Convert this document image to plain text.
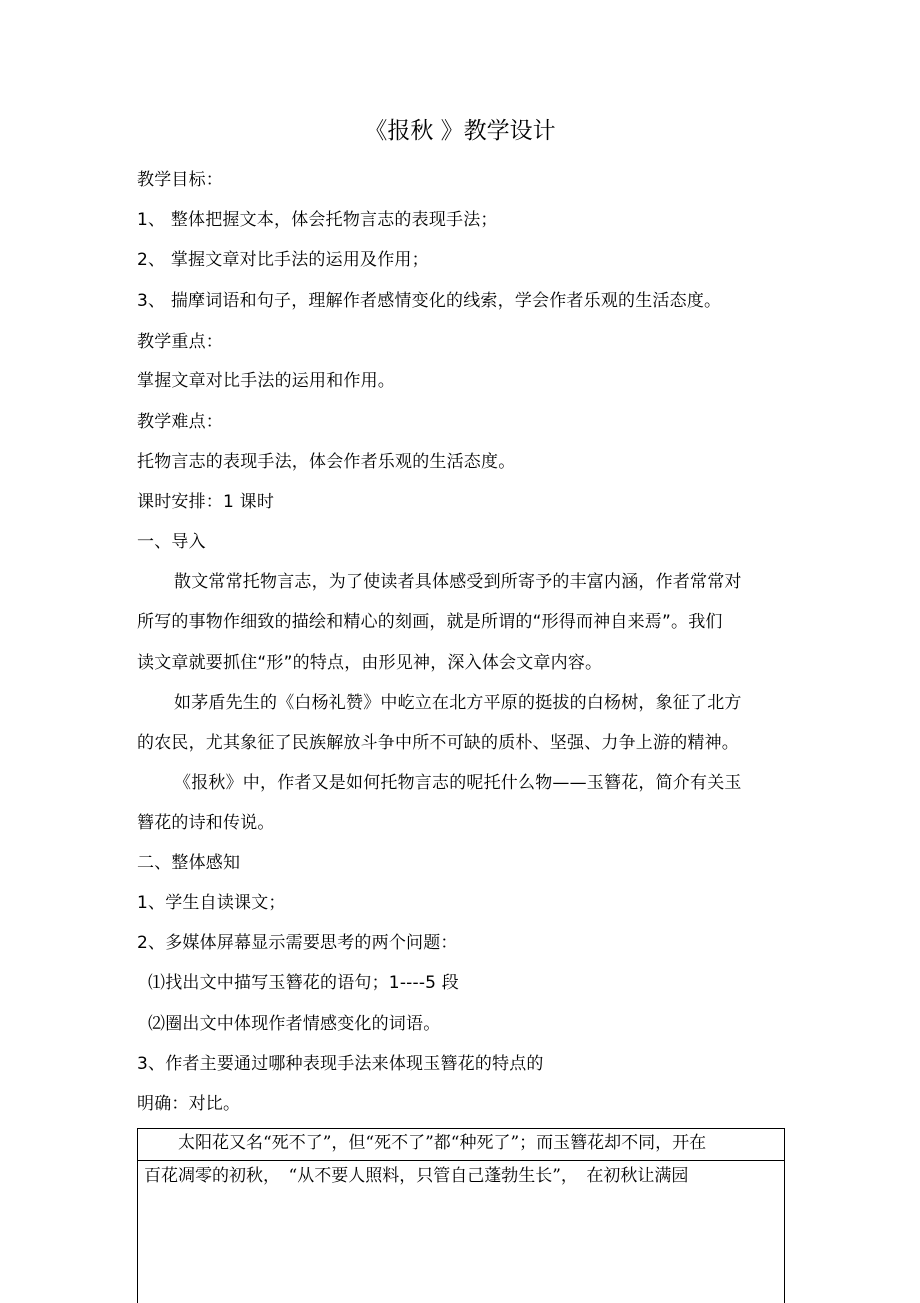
《报秋 》教学设计
教学目标：
1、 整体把握文本，体会托物言志的表现手法；
2、 掌握文章对比手法的运用及作用；
3、 揣摩词语和句子，理解作者感情变化的线索，学会作者乐观的生活态度。
教学重点：
掌握文章对比手法的运用和作用。
教学难点：
托物言志的表现手法，体会作者乐观的生活态度。
课时安排：1 课时
一、导入
散文常常托物言志，为了使读者具体感受到所寄予的丰富内涵，作者常常对
所写的事物作细致的描绘和精心的刻画，就是所谓的“形得而神自来焉”。我们
读文章就要抓住“形”的特点，由形见神，深入体会文章内容。
如茅盾先生的《白杨礼赞》中屹立在北方平原的挺拔的白杨树，象征了北方
的农民，尤其象征了民族解放斗争中所不可缺的质朴、坚强、力争上游的精神。
《报秋》中，作者又是如何托物言志的呢托什么物——玉簪花，简介有关玉
簪花的诗和传说。
二、整体感知
1、学生自读课文；
2、多媒体屏幕显示需要思考的两个问题：
⑴找出文中描写玉簪花的语句；1----5 段
⑵圈出文中体现作者情感变化的词语。
3、作者主要通过哪种表现手法来体现玉簪花的特点的
明确：对比。
　　太阳花又名“死不了”，但“死不了”都“种死了”；而玉簪花却不同，开在
百花凋零的初秋，　“从不要人照料，只管自己蓬勃生长”，　在初秋让满园
